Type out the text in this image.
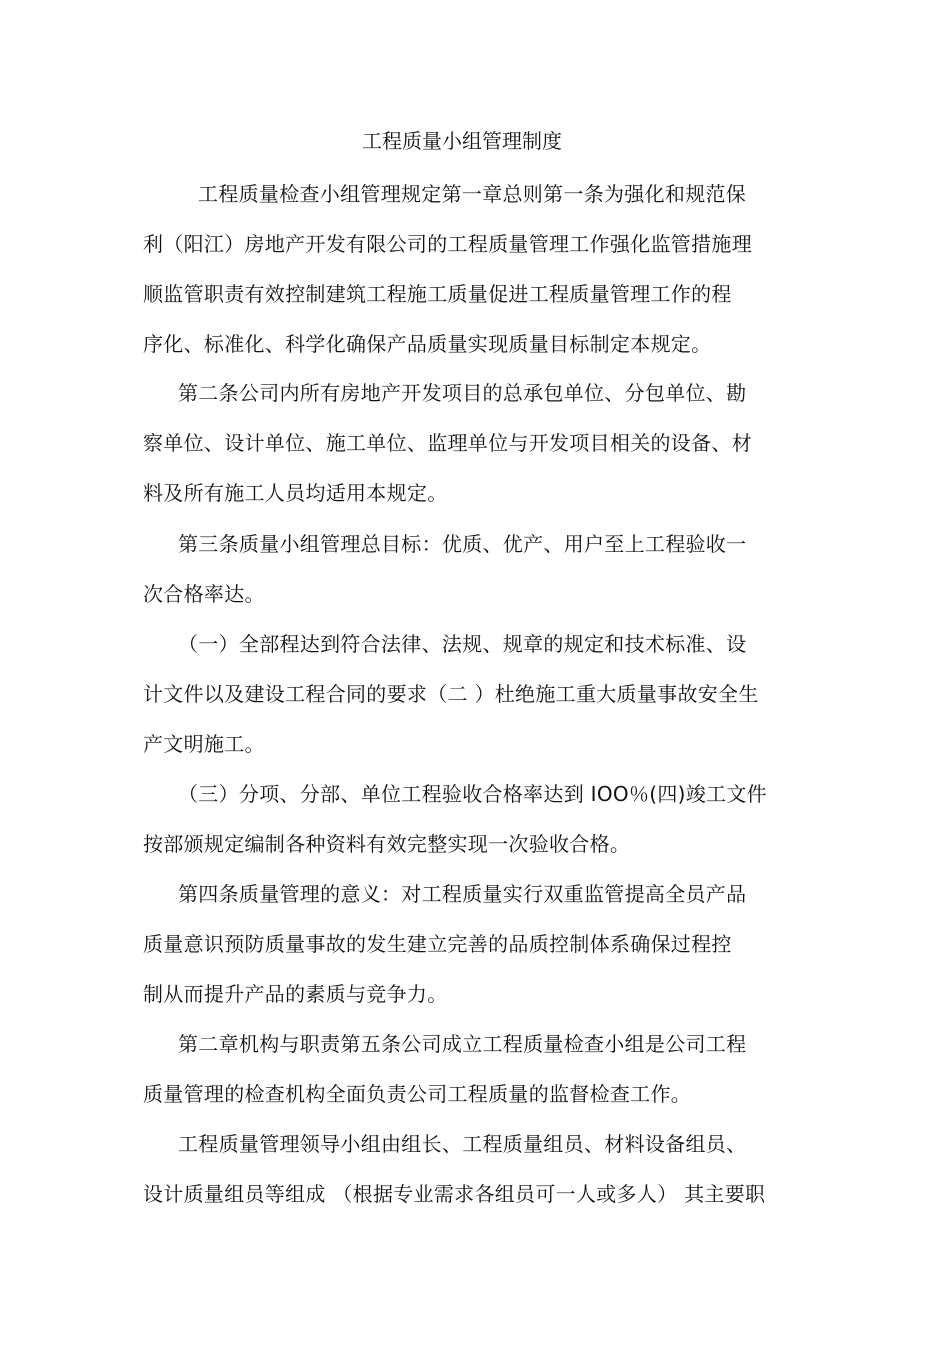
工程质量小组管理制度
工程质量检查小组管理规定第一章总则第一条为强化和规范保
利（阳江）房地产开发有限公司的工程质量管理工作强化监管措施理
顺监管职责有效控制建筑工程施工质量促进工程质量管理工作的程
序化、标准化、科学化确保产品质量实现质量目标制定本规定。
第二条公司内所有房地产开发项目的总承包单位、分包单位、勘
察单位、设计单位、施工单位、监理单位与开发项目相关的设备、材
料及所有施工人员均适用本规定。
第三条质量小组管理总目标：优质、优产、用户至上工程验收一
次合格率达。
（一）全部程达到符合法律、法规、规章的规定和技术标准、设
计文件以及建设工程合同的要求（二 ）杜绝施工重大质量事故安全生
产文明施工。
（三）分项、分部、单位工程验收合格率达到 IOO％(四)竣工文件
按部颁规定编制各种资料有效完整实现一次验收合格。
第四条质量管理的意义：对工程质量实行双重监管提高全员产品
质量意识预防质量事故的发生建立完善的品质控制体系确保过程控
制从而提升产品的素质与竞争力。
第二章机构与职责第五条公司成立工程质量检查小组是公司工程
质量管理的检查机构全面负责公司工程质量的监督检查工作。
工程质量管理领导小组由组长、工程质量组员、材料设备组员、
设计质量组员等组成 （根据专业需求各组员可一人或多人） 其主要职
